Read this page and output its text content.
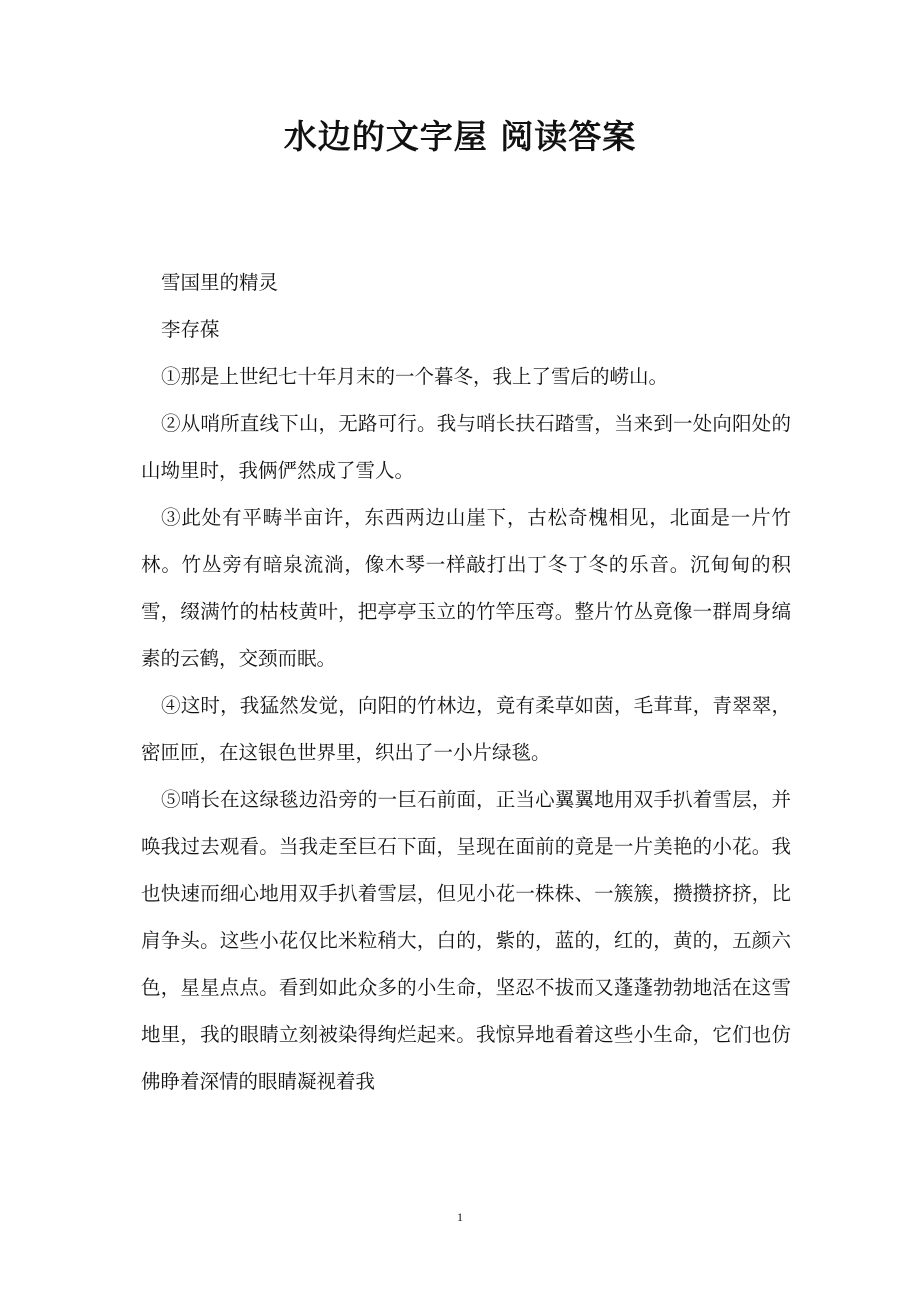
水边的文字屋 阅读答案

雪国里的精灵

李存葆

①那是上世纪七十年月末的一个暮冬，我上了雪后的崂山。

②从哨所直线下山，无路可行。我与哨长扶石踏雪，当来到一处向阳处的山坳里时，我俩俨然成了雪人。

③此处有平畴半亩许，东西两边山崖下，古松奇槐相见，北面是一片竹林。竹丛旁有暗泉流淌，像木琴一样敲打出丁冬丁冬的乐音。沉甸甸的积雪，缀满竹的枯枝黄叶，把亭亭玉立的竹竿压弯。整片竹丛竟像一群周身缟素的云鹤，交颈而眠。

④这时，我猛然发觉，向阳的竹林边，竟有柔草如茵，毛茸茸，青翠翠，密匝匝，在这银色世界里，织出了一小片绿毯。

⑤哨长在这绿毯边沿旁的一巨石前面，正当心翼翼地用双手扒着雪层，并唤我过去观看。当我走至巨石下面，呈现在面前的竟是一片美艳的小花。我也快速而细心地用双手扒着雪层，但见小花一株株、一簇簇，攒攒挤挤，比肩争头。这些小花仅比米粒稍大，白的，紫的，蓝的，红的，黄的，五颜六色，星星点点。看到如此众多的小生命，坚忍不拔而又蓬蓬勃勃地活在这雪地里，我的眼睛立刻被染得绚烂起来。我惊异地看着这些小生命，它们也仿佛睁着深情的眼睛凝视着我

1
